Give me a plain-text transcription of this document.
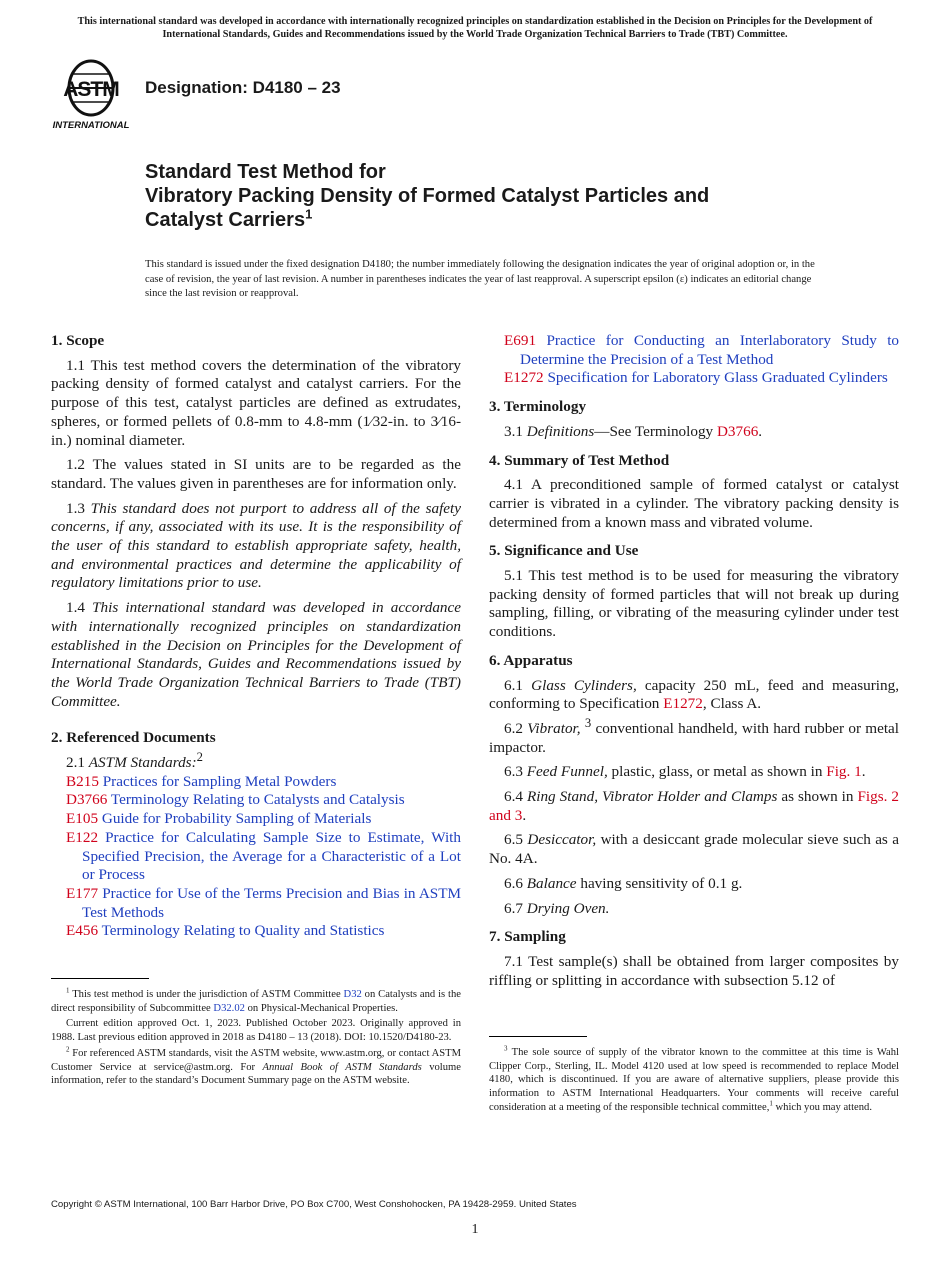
This international standard was developed in accordance with internationally recognized principles on standardization established in the Decision on Principles for the Development of International Standards, Guides and Recommendations issued by the World Trade Organization Technical Barriers to Trade (TBT) Committee.
ASTM
INTERNATIONAL
Designation: D4180 – 23
Standard Test Method for
Vibratory Packing Density of Formed Catalyst Particles and
Catalyst Carriers$^1$
This standard is issued under the fixed designation D4180; the number immediately following the designation indicates the year of original adoption or, in the case of revision, the year of last revision. A number in parentheses indicates the year of last reapproval. A superscript epsilon (ε) indicates an editorial change since the last revision or reapproval.
1. Scope

1.1 This test method covers the determination of the vibratory packing density of formed catalyst and catalyst carriers. For the purpose of this test, catalyst particles are defined as extrudates, spheres, or formed pellets of 0.8-mm to 4.8-mm (1⁄32-in. to 3⁄16-in.) nominal diameter.

1.2 The values stated in SI units are to be regarded as the standard. The values given in parentheses are for information only.

1.3 This standard does not purport to address all of the safety concerns, if any, associated with its use. It is the responsibility of the user of this standard to establish appropriate safety, health, and environmental practices and determine the applicability of regulatory limitations prior to use.

1.4 This international standard was developed in accordance with internationally recognized principles on standardization established in the Decision on Principles for the Development of International Standards, Guides and Recommendations issued by the World Trade Organization Technical Barriers to Trade (TBT) Committee.

2. Referenced Documents

2.1 ASTM Standards:$^2$

B215 Practices for Sampling Metal Powders

D3766 Terminology Relating to Catalysts and Catalysis

E105 Guide for Probability Sampling of Materials

E122 Practice for Calculating Sample Size to Estimate, With Specified Precision, the Average for a Characteristic of a Lot or Process

E177 Practice for Use of the Terms Precision and Bias in ASTM Test Methods

E456 Terminology Relating to Quality and Statistics

E691 Practice for Conducting an Interlaboratory Study to Determine the Precision of a Test Method

E1272 Specification for Laboratory Glass Graduated Cylinders

3. Terminology

3.1 Definitions—See Terminology D3766.

4. Summary of Test Method

4.1 A preconditioned sample of formed catalyst or catalyst carrier is vibrated in a cylinder. The vibratory packing density is determined from a known mass and vibrated volume.

5. Significance and Use

5.1 This test method is to be used for measuring the vibratory packing density of formed particles that will not break up during sampling, filling, or vibrating of the measuring cylinder under test conditions.

6. Apparatus

6.1 Glass Cylinders, capacity 250 mL, feed and measuring, conforming to Specification E1272, Class A.

6.2 Vibrator, $^3$ conventional handheld, with hard rubber or metal impactor.

6.3 Feed Funnel, plastic, glass, or metal as shown in Fig. 1.

6.4 Ring Stand, Vibrator Holder and Clamps as shown in Figs. 2 and 3.

6.5 Desiccator, with a desiccant grade molecular sieve such as a No. 4A.

6.6 Balance having sensitivity of 0.1 g.

6.7 Drying Oven.

7. Sampling

7.1 Test sample(s) shall be obtained from larger composites by riffling or splitting in accordance with subsection 5.12 of

$^1$ This test method is under the jurisdiction of ASTM Committee D32 on Catalysts and is the direct responsibility of Subcommittee D32.02 on Physical-Mechanical Properties.

Current edition approved Oct. 1, 2023. Published October 2023. Originally approved in 1988. Last previous edition approved in 2018 as D4180 – 13 (2018). DOI: 10.1520/D4180-23.

$^2$ For referenced ASTM standards, visit the ASTM website, www.astm.org, or contact ASTM Customer Service at service@astm.org. For Annual Book of ASTM Standards volume information, refer to the standard’s Document Summary page on the ASTM website.

$^3$ The sole source of supply of the vibrator known to the committee at this time is Wahl Clipper Corp., Sterling, IL. Model 4120 used at low speed is recommended to replace Model 4180, which is discontinued. If you are aware of alternative suppliers, please provide this information to ASTM International Headquarters. Your comments will receive careful consideration at a meeting of the responsible technical committee,$^1$ which you may attend.

Copyright © ASTM International, 100 Barr Harbor Drive, PO Box C700, West Conshohocken, PA 19428-2959. United States
1
